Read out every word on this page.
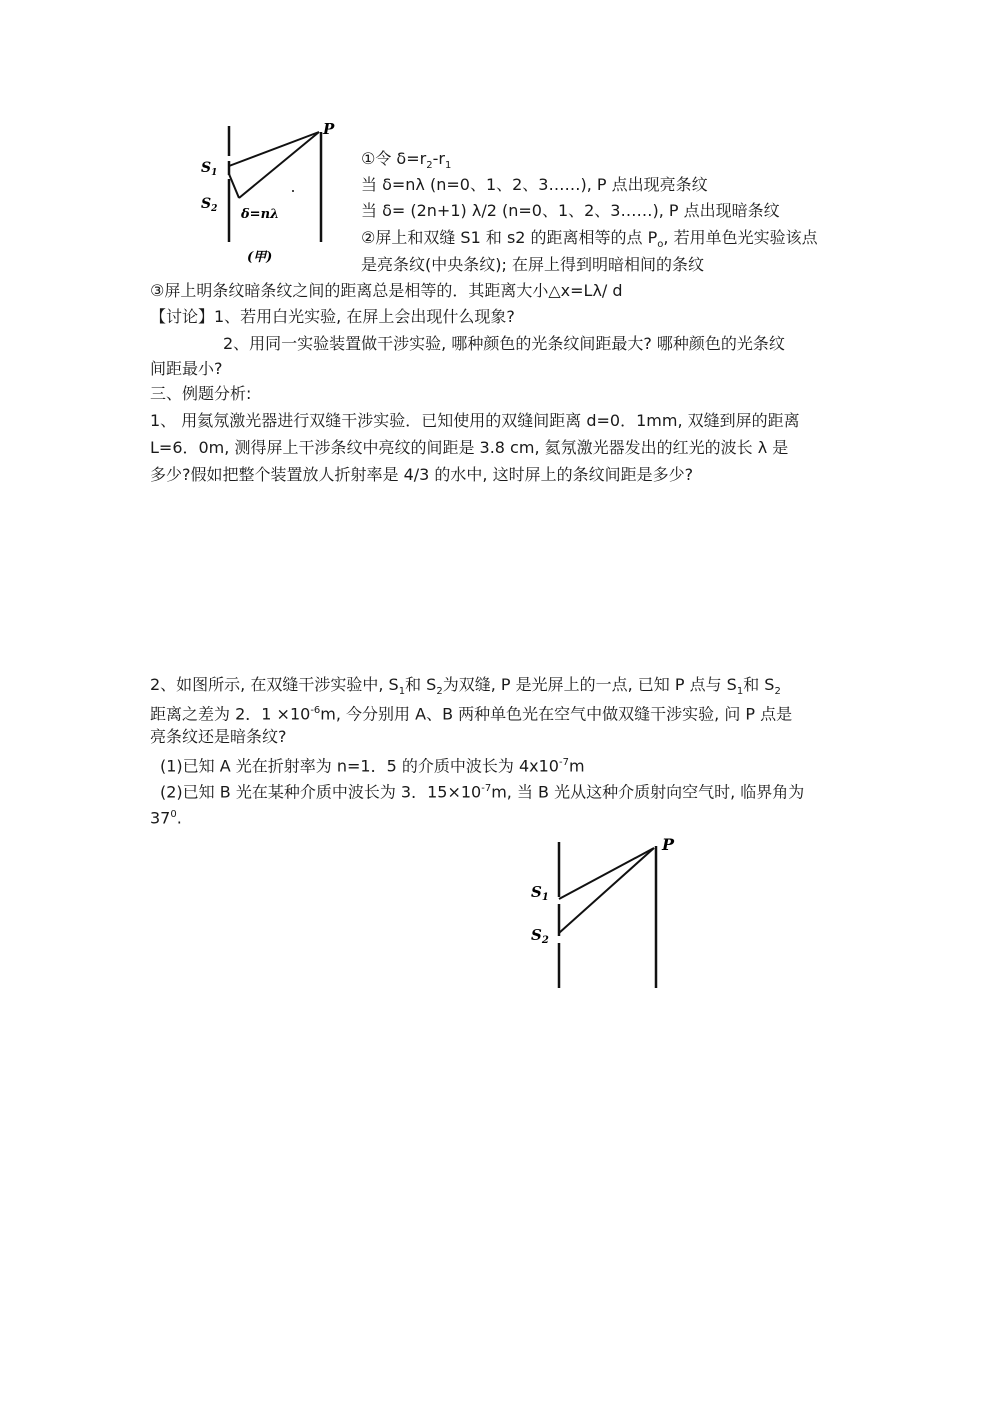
P
$S_1$
$S_2$ δ=nλ
(甲)
①令 $\delta=r_2-r_1$
当 δ=nλ (n=0、1、2、3……), P 点出现亮条纹
当 δ= (2n+1) λ/2 (n=0、1、2、3……), P 点出现暗条纹
②屏上和双缝 S1 和 s2 的距离相等的点 $P_o$, 若用单色光实验该点
是亮条纹(中央条纹); 在屏上得到明暗相间的条纹
③屏上明条纹暗条纹之间的距离总是相等的．其距离大小△x=Lλ/ d
【讨论】1、若用白光实验, 在屏上会出现什么现象?
2、用同一实验装置做干涉实验, 哪种颜色的光条纹间距最大? 哪种颜色的光条纹
间距最小?
三、例题分析:
1、 用氦氖激光器进行双缝干涉实验．已知使用的双缝间距离 d=0．1mm, 双缝到屏的距离
L=6．0m, 测得屏上干涉条纹中亮纹的间距是 3.8 cm, 氦氖激光器发出的红光的波长 λ 是
多少?假如把整个装置放人折射率是 4/3 的水中, 这时屏上的条纹间距是多少?
2、如图所示, 在双缝干涉实验中, $S_1$和 $S_2$为双缝, P 是光屏上的一点, 已知 P 点与 $S_1$和 $S_2$
距离之差为 2．$1 \times 10^{-6}m$, 今分别用 A、B 两种单色光在空气中做双缝干涉实验, 问 P 点是
亮条纹还是暗条纹?
(1)已知 A 光在折射率为 n=1．5 的介质中波长为 $4x10^{-7}m$
(2)已知 B 光在某种介质中波长为 3．$15\times 10^{-7}m$, 当 B 光从这种介质射向空气时, 临界角为
$37^0$.
P
$S_1$
$S_2$
